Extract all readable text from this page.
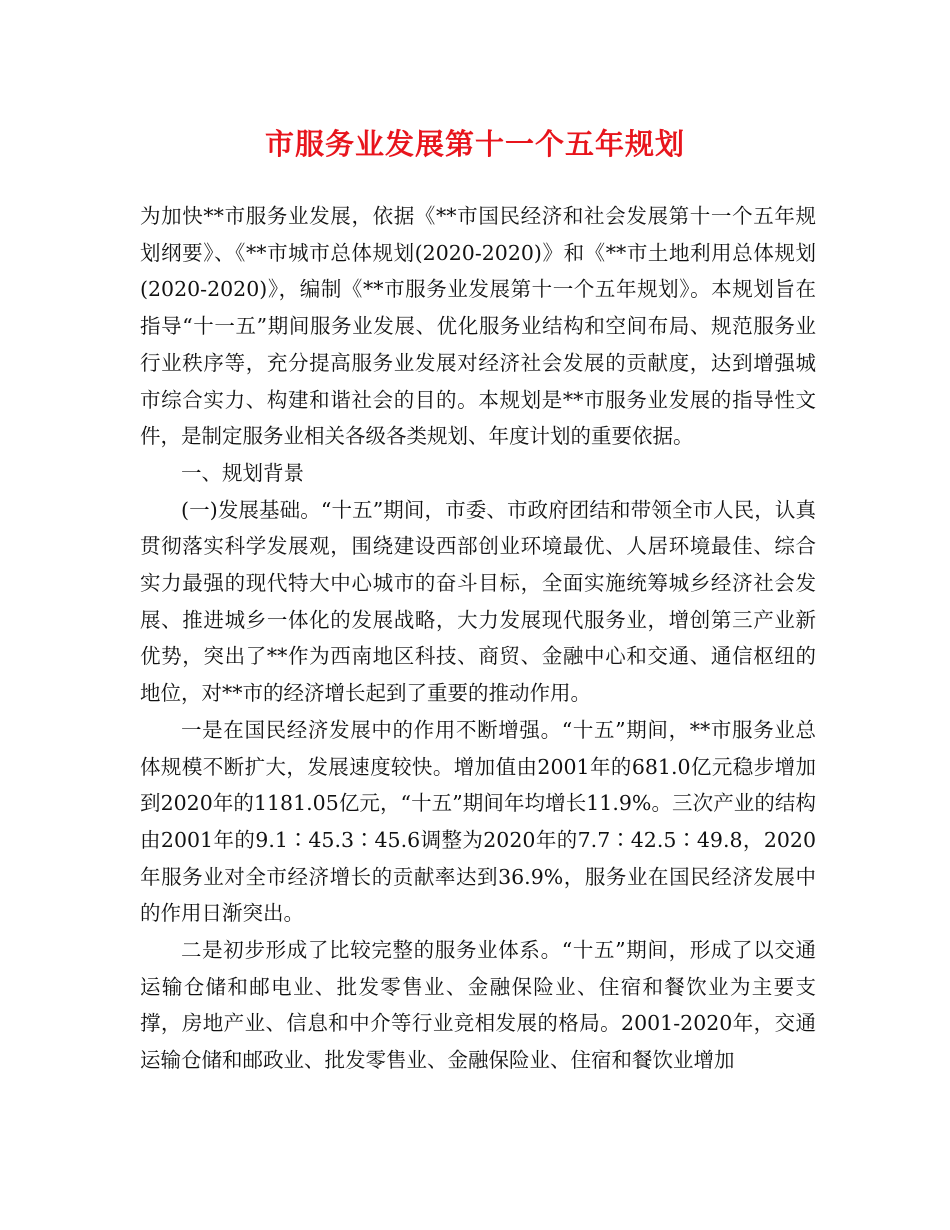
市服务业发展第十一个五年规划

为加快**市服务业发展，依据《**市国民经济和社会发展第十一个五年规划纲要》、《**市城市总体规划(2020-2020)》和《**市土地利用总体规划(2020-2020)》，编制《**市服务业发展第十一个五年规划》。本规划旨在指导“十一五”期间服务业发展、优化服务业结构和空间布局、规范服务业行业秩序等，充分提高服务业发展对经济社会发展的贡献度，达到增强城市综合实力、构建和谐社会的目的。本规划是**市服务业发展的指导性文件，是制定服务业相关各级各类规划、年度计划的重要依据。

一、规划背景

(一)发展基础。“十五”期间，市委、市政府团结和带领全市人民，认真贯彻落实科学发展观，围绕建设西部创业环境最优、人居环境最佳、综合实力最强的现代特大中心城市的奋斗目标，全面实施统筹城乡经济社会发展、推进城乡一体化的发展战略，大力发展现代服务业，增创第三产业新优势，突出了**作为西南地区科技、商贸、金融中心和交通、通信枢纽的地位，对**市的经济增长起到了重要的推动作用。

一是在国民经济发展中的作用不断增强。“十五”期间，**市服务业总体规模不断扩大，发展速度较快。增加值由2001年的681.0亿元稳步增加到2020年的1181.05亿元，“十五”期间年均增长11.9%。三次产业的结构由2001年的9.1∶45.3∶45.6调整为2020年的7.7∶42.5∶49.8，2020年服务业对全市经济增长的贡献率达到36.9%，服务业在国民经济发展中的作用日渐突出。

二是初步形成了比较完整的服务业体系。“十五”期间，形成了以交通运输仓储和邮电业、批发零售业、金融保险业、住宿和餐饮业为主要支撑，房地产业、信息和中介等行业竞相发展的格局。2001-2020年，交通运输仓储和邮政业、批发零售业、金融保险业、住宿和餐饮业增加
